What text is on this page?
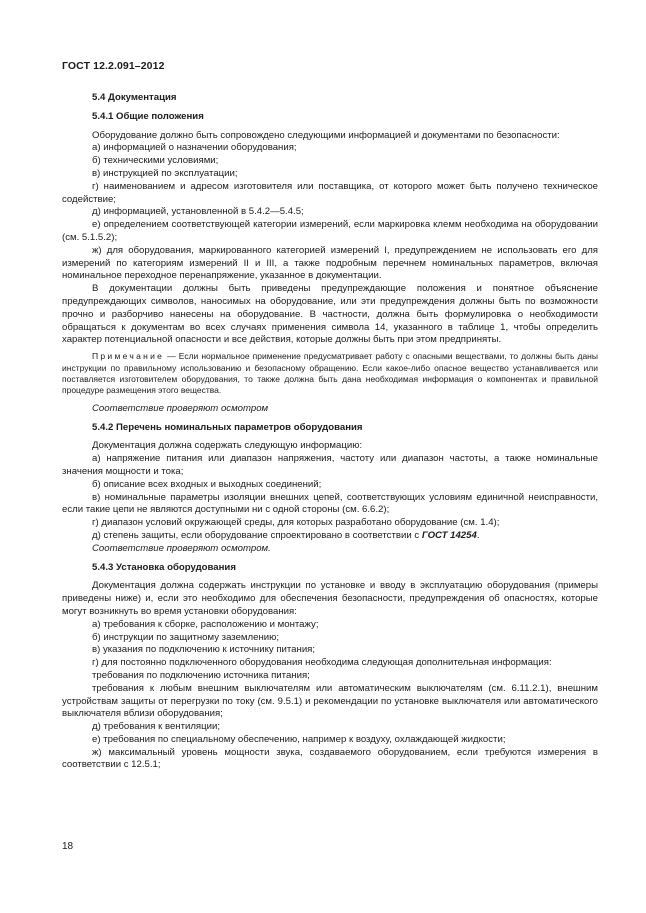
ГОСТ 12.2.091–2012
5.4 Документация
5.4.1 Общие положения

Оборудование должно быть сопровождено следующими информацией и документами по безопасности:

а) информацией о назначении оборудования;

б) техническими условиями;

в) инструкцией по эксплуатации;

г) наименованием и адресом изготовителя или поставщика, от которого может быть получено техническое содействие;

д) информацией, установленной в 5.4.2—5.4.5;

е) определением соответствующей категории измерений, если маркировка клемм необходима на оборудовании (см. 5.1.5.2);

ж) для оборудования, маркированного категорией измерений I, предупреждением не использовать его для измерений по категориям измерений II и III, а также подробным перечнем номинальных параметров, включая номинальное переходное перенапряжение, указанное в документации.

В документации должны быть приведены предупреждающие положения и понятное объяснение предупреждающих символов, наносимых на оборудование, или эти предупреждения должны быть по возможности прочно и разборчиво нанесены на оборудование. В частности, должна быть формулировка о необходимости обращаться к документам во всех случаях применения символа 14, указанного в таблице 1, чтобы определить характер потенциальной опасности и все действия, которые должны быть при этом предприняты.

Примечание — Если нормальное применение предусматривает работу с опасными веществами, то должны быть даны инструкции по правильному использованию и безопасному обращению. Если какое-либо опасное вещество устанавливается или поставляется изготовителем оборудования, то также должна быть дана необходимая информация о компонентах и правильной процедуре размещения этого вещества.
Соответствие проверяют осмотром
5.4.2 Перечень номинальных параметров оборудования

Документация должна содержать следующую информацию:

а) напряжение питания или диапазон напряжения, частоту или диапазон частоты, а также номинальные значения мощности и тока;

б) описание всех входных и выходных соединений;

в) номинальные параметры изоляции внешних цепей, соответствующих условиям единичной неисправности, если такие цепи не являются доступными ни с одной стороны (см. 6.6.2);

г) диапазон условий окружающей среды, для которых разработано оборудование (см. 1.4);

д) степень защиты, если оборудование спроектировано в соответствии с ГОСТ 14254.

Соответствие проверяют осмотром.
5.4.3 Установка оборудования

Документация должна содержать инструкции по установке и вводу в эксплуатацию оборудования (примеры приведены ниже) и, если это необходимо для обеспечения безопасности, предупреждения об опасностях, которые могут возникнуть во время установки оборудования:

а) требования к сборке, расположению и монтажу;

б) инструкции по защитному заземлению;

в) указания по подключению к источнику питания;

г) для постоянно подключенного оборудования необходима следующая дополнительная информация:

требования по подключению источника питания;

требования к любым внешним выключателям или автоматическим выключателям (см. 6.11.2.1), внешним устройствам защиты от перегрузки по току (см. 9.5.1) и рекомендации по установке выключателя или автоматического выключателя вблизи оборудования;

д) требования к вентиляции;

е) требования по специальному обеспечению, например к воздуху, охлаждающей жидкости;

ж) максимальный уровень мощности звука, создаваемого оборудованием, если требуются измерения в соответствии с 12.5.1;

18
